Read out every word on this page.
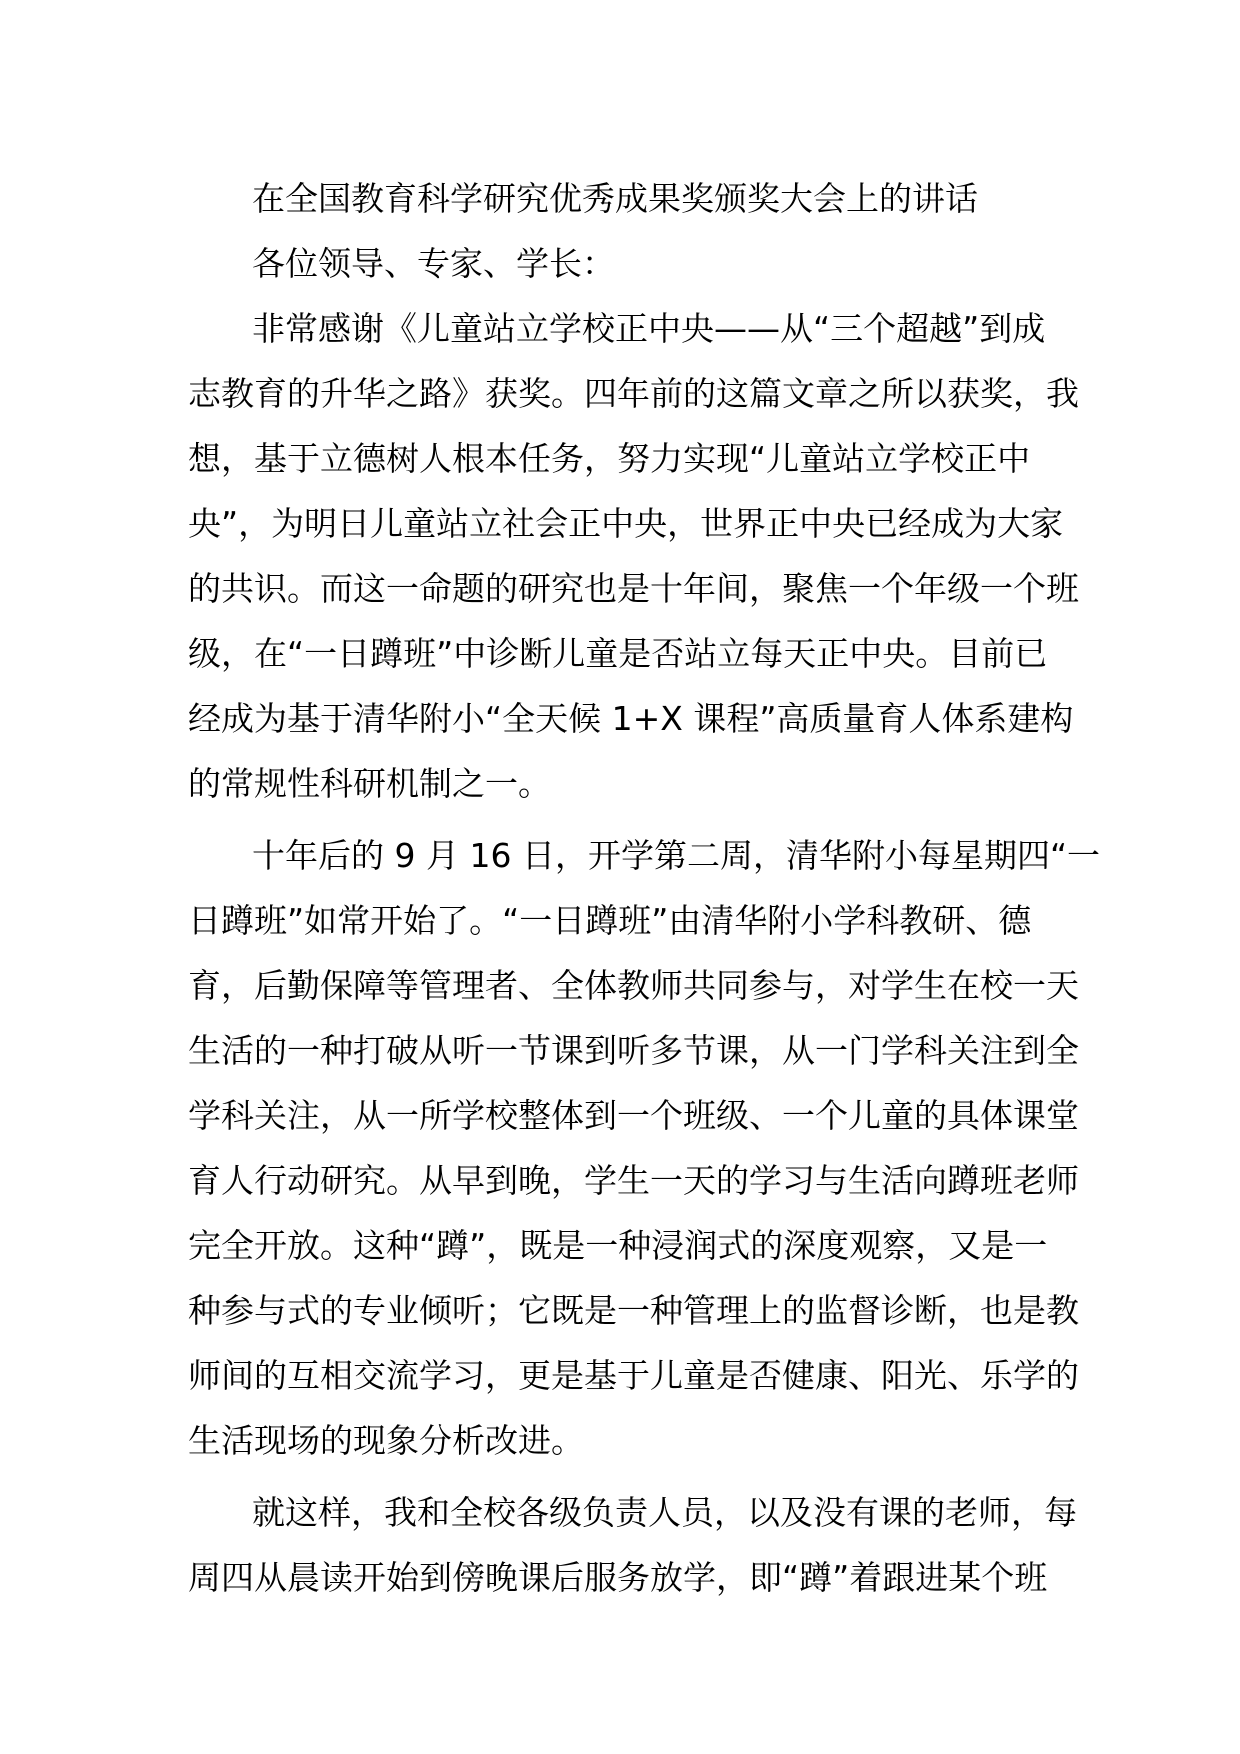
在全国教育科学研究优秀成果奖颁奖大会上的讲话

各位领导、专家、学长：

非常感谢《儿童站立学校正中央——从“三个超越”到成
志教育的升华之路》获奖。四年前的这篇文章之所以获奖，我
想，基于立德树人根本任务，努力实现“儿童站立学校正中
央”，为明日儿童站立社会正中央，世界正中央已经成为大家
的共识。而这一命题的研究也是十年间，聚焦一个年级一个班
级，在“一日蹲班”中诊断儿童是否站立每天正中央。目前已
经成为基于清华附小“全天候 1+X 课程”高质量育人体系建构
的常规性科研机制之一。
十年后的 9 月 16 日，开学第二周，清华附小每星期四“一
日蹲班”如常开始了。“一日蹲班”由清华附小学科教研、德
育，后勤保障等管理者、全体教师共同参与，对学生在校一天
生活的一种打破从听一节课到听多节课，从一门学科关注到全
学科关注，从一所学校整体到一个班级、一个儿童的具体课堂
育人行动研究。从早到晚，学生一天的学习与生活向蹲班老师
完全开放。这种“蹲”，既是一种浸润式的深度观察，又是一
种参与式的专业倾听；它既是一种管理上的监督诊断，也是教
师间的互相交流学习，更是基于儿童是否健康、阳光、乐学的
生活现场的现象分析改进。
就这样，我和全校各级负责人员，以及没有课的老师，每
周四从晨读开始到傍晚课后服务放学，即“蹲”着跟进某个班
